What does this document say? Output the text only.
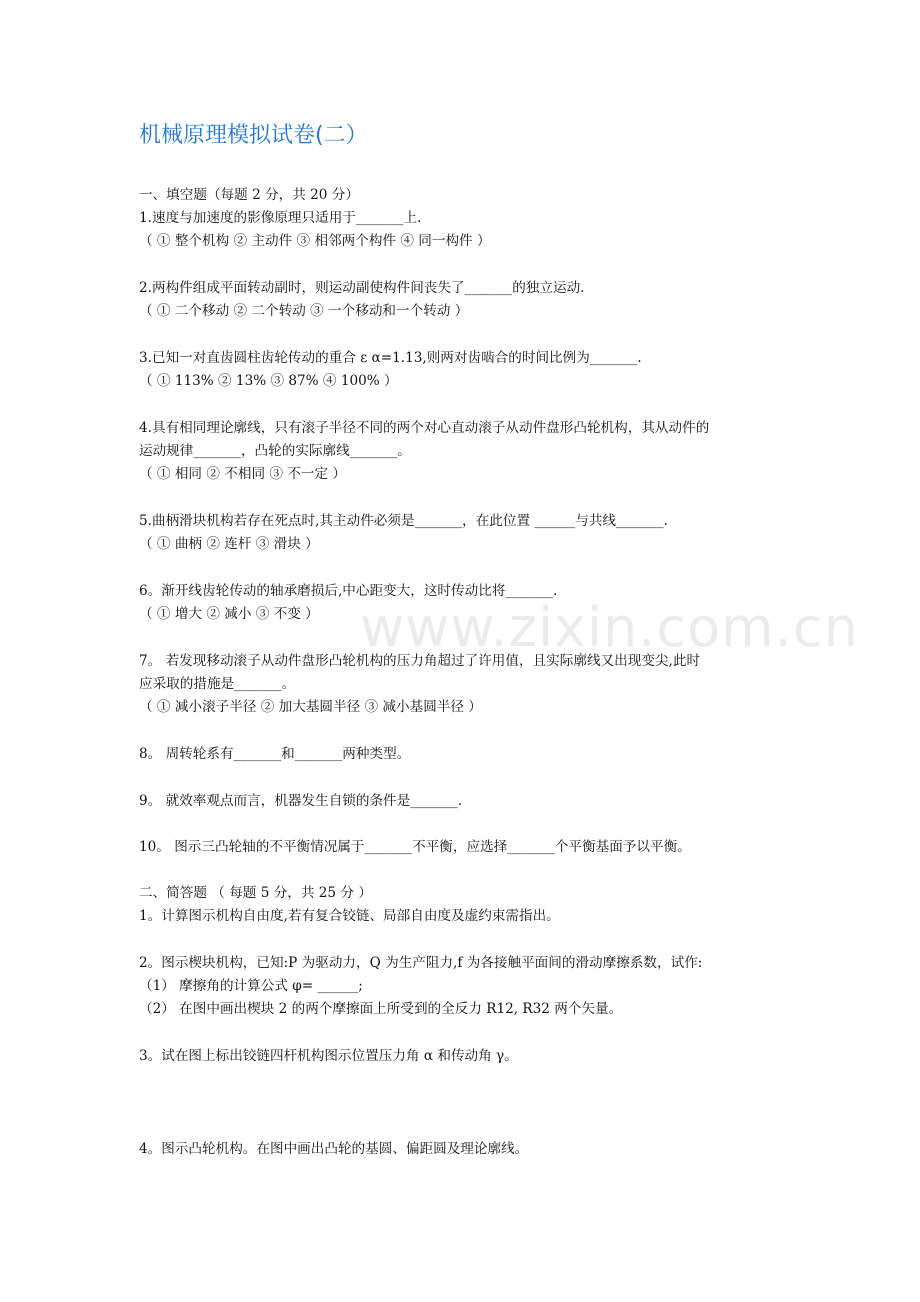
机械原理模拟试卷(二）
www.zixin.com.cn
一、填空题（每题 2 分，共 20 分）
1.速度与加速度的影像原理只适用于_______上.
（ ① 整个机构 ② 主动件 ③ 相邻两个构件 ④ 同一构件 ）
2.两构件组成平面转动副时，则运动副使构件间丧失了_______的独立运动.
（ ① 二个移动 ② 二个转动 ③ 一个移动和一个转动 ）
3.已知一对直齿圆柱齿轮传动的重合 ε α=1.13,则两对齿啮合的时间比例为_______.
（ ① 113% ② 13% ③ 87% ④ 100% ）
4.具有相同理论廓线，只有滚子半径不同的两个对心直动滚子从动件盘形凸轮机构，其从动件的
运动规律_______，凸轮的实际廓线_______。
（ ① 相同 ② 不相同 ③ 不一定 ）
5.曲柄滑块机构若存在死点时,其主动件必须是_______，在此位置 ______与共线_______.
（ ① 曲柄 ② 连杆 ③ 滑块 ）
6。渐开线齿轮传动的轴承磨损后,中心距变大，这时传动比将_______.
（ ① 增大 ② 减小 ③ 不变 ）
7。 若发现移动滚子从动件盘形凸轮机构的压力角超过了许用值，且实际廓线又出现变尖,此时
应采取的措施是_______。
（ ① 减小滚子半径 ② 加大基圆半径 ③ 减小基圆半径 ）
8。 周转轮系有_______和_______两种类型。
9。 就效率观点而言，机器发生自锁的条件是_______.
10。 图示三凸轮轴的不平衡情况属于_______不平衡，应选择_______个平衡基面予以平衡。
二、简答题 （ 每题 5 分，共 25 分 ）
1。计算图示机构自由度,若有复合铰链、局部自由度及虚约束需指出。
2。图示楔块机构，已知:P 为驱动力，Q 为生产阻力,f 为各接触平面间的滑动摩擦系数，试作:
（1） 摩擦角的计算公式 φ= ______;
（2） 在图中画出楔块 2 的两个摩擦面上所受到的全反力 R12, R32 两个矢量。
3。试在图上标出铰链四杆机构图示位置压力角 α 和传动角 γ。
4。图示凸轮机构。在图中画出凸轮的基圆、偏距圆及理论廓线。
